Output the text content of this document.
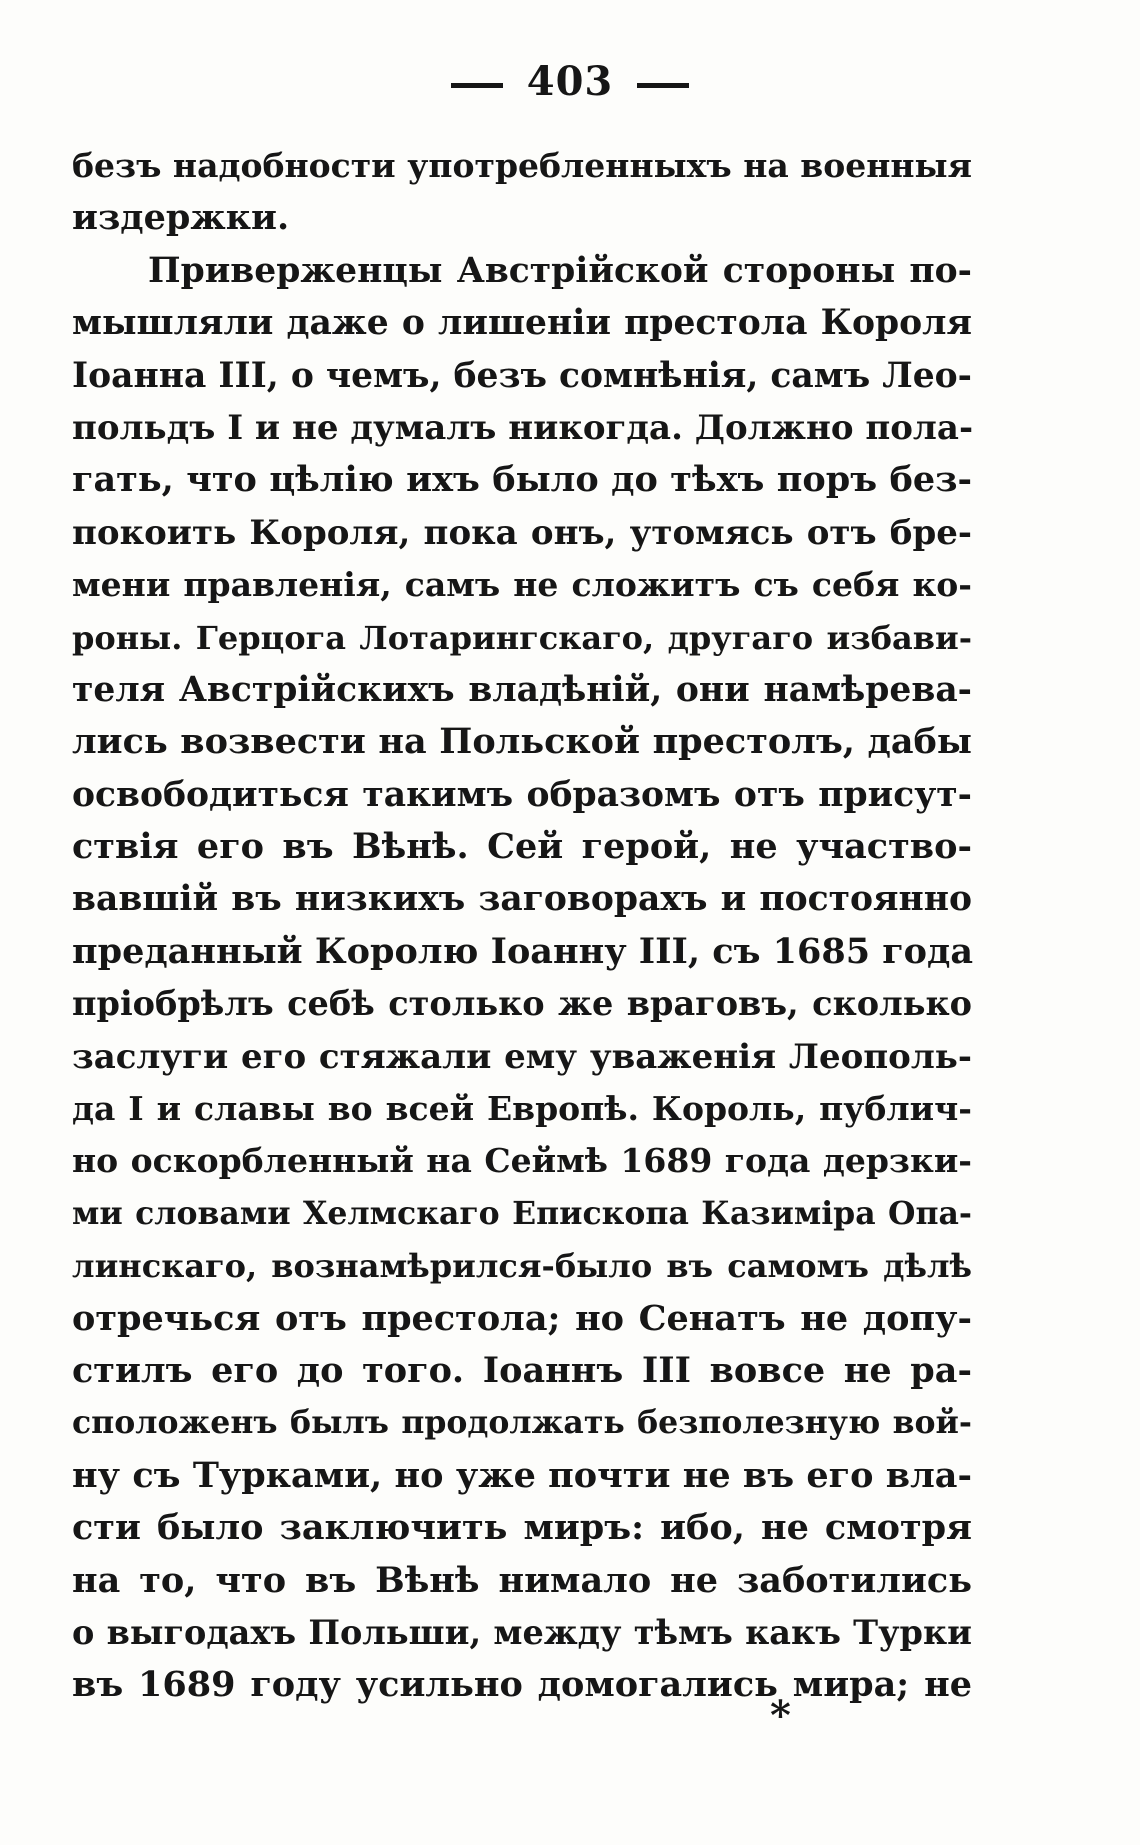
403
безъ надобности употребленныхъ на военныя
издержки.
Приверженцы Австрійской стороны по-
мышляли даже о лишеніи престола Короля
Іоанна III, о чемъ, безъ сомнѣнія, самъ Лео-
польдъ I и не думалъ никогда. Должно пола-
гать, что цѣлію ихъ было до тѣхъ поръ без-
покоить Короля, пока онъ, утомясь отъ бре-
мени правленія, самъ не сложитъ съ себя ко-
роны. Герцога Лотарингскаго, другаго избави-
теля Австрійскихъ владѣній, они намѣрева-
лись возвести на Польской престолъ, дабы
освободиться такимъ образомъ отъ присут-
ствія его въ Вѣнѣ. Сей герой, не участво-
вавшій въ низкихъ заговорахъ и постоянно
преданный Королю Іоанну III, съ 1685 года
пріобрѣлъ себѣ столько же враговъ, сколько
заслуги его стяжали ему уваженія Леополь-
да I и славы во всей Европѣ. Король, публич-
но оскорбленный на Сеймѣ 1689 года дерзки-
ми словами Хелмскаго Епископа Казиміра Опа-
линскаго, вознамѣрился-было въ самомъ дѣлѣ
отречься отъ престола; но Сенатъ не допу-
стилъ его до того. Іоаннъ III вовсе не ра-
сположенъ былъ продолжать безполезную вой-
ну съ Турками, но уже почти не въ его вла-
сти было заключить миръ: ибо, не смотря
на то, что въ Вѣнѣ нимало не заботились
о выгодахъ Польши, между тѣмъ какъ Турки
въ 1689 году усильно домогались мира; не
*
